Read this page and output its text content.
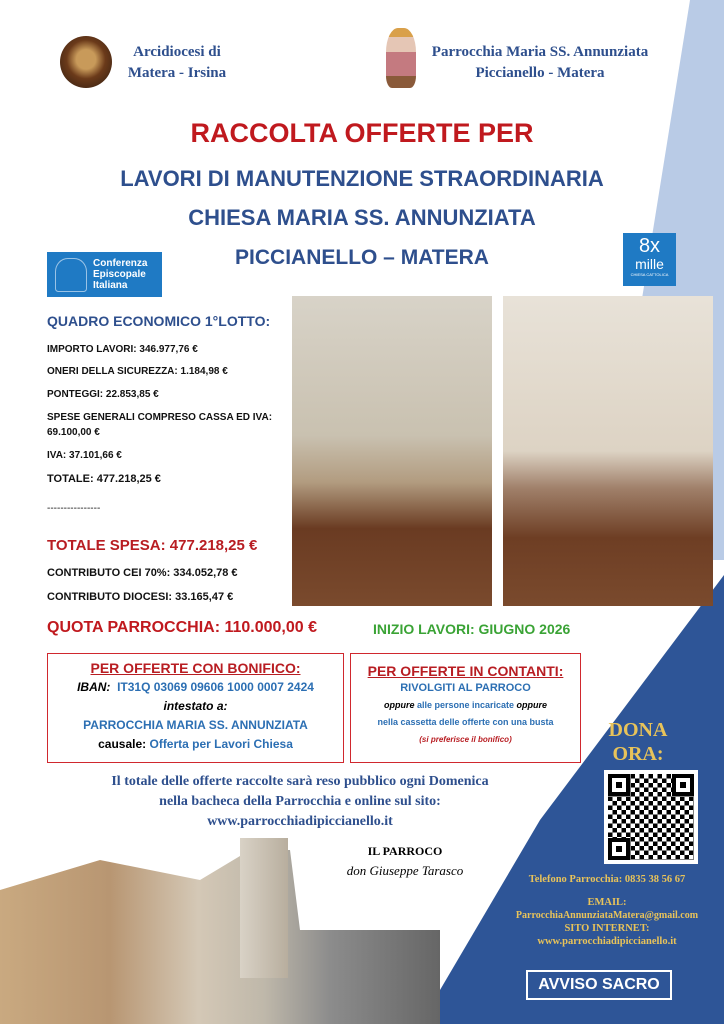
Arcidiocesi di
Matera - Irsina
Parrocchia Maria SS. Annunziata
Piccianello - Matera
RACCOLTA OFFERTE PER
LAVORI DI MANUTENZIONE STRAORDINARIA
CHIESA MARIA SS. ANNUNZIATA
PICCIANELLO – MATERA
Conferenza
Episcopale
Italiana
8x
mille
CHIESA CATTOLICA
QUADRO ECONOMICO 1°LOTTO:
IMPORTO LAVORI: 346.977,76 €
ONERI DELLA SICUREZZA: 1.184,98 €
PONTEGGI: 22.853,85 €
SPESE GENERALI COMPRESO CASSA ED IVA:
69.100,00 €
IVA: 37.101,66 €
TOTALE: 477.218,25 €
----------------
TOTALE SPESA: 477.218,25 €
CONTRIBUTO CEI 70%: 334.052,78 €
CONTRIBUTO DIOCESI: 33.165,47 €
QUOTA PARROCCHIA: 110.000,00 €	INIZIO LAVORI: GIUGNO 2026
PER OFFERTE CON BONIFICO:
IBAN: IT31Q 03069 09606 1000 0007 2424
intestato a:
PARROCCHIA MARIA SS. ANNUNZIATA
causale: Offerta per Lavori Chiesa
PER OFFERTE IN CONTANTI:
RIVOLGITI AL PARROCO
oppure alle persone incaricate oppure
nella cassetta delle offerte con una busta
(si preferisce il bonifico)
Il totale delle offerte raccolte sarà reso pubblico ogni Domenica
nella bacheca della Parrocchia e online sul sito:
www.parrocchiadipiccianello.it
IL PARROCO
don Giuseppe Tarasco
DONA
ORA:
Telefono Parrocchia: 0835 38 56 67
EMAIL:
ParrocchiaAnnunziataMatera@gmail.com
SITO INTERNET:
www.parrocchiadipiccianello.it
AVVISO SACRO
